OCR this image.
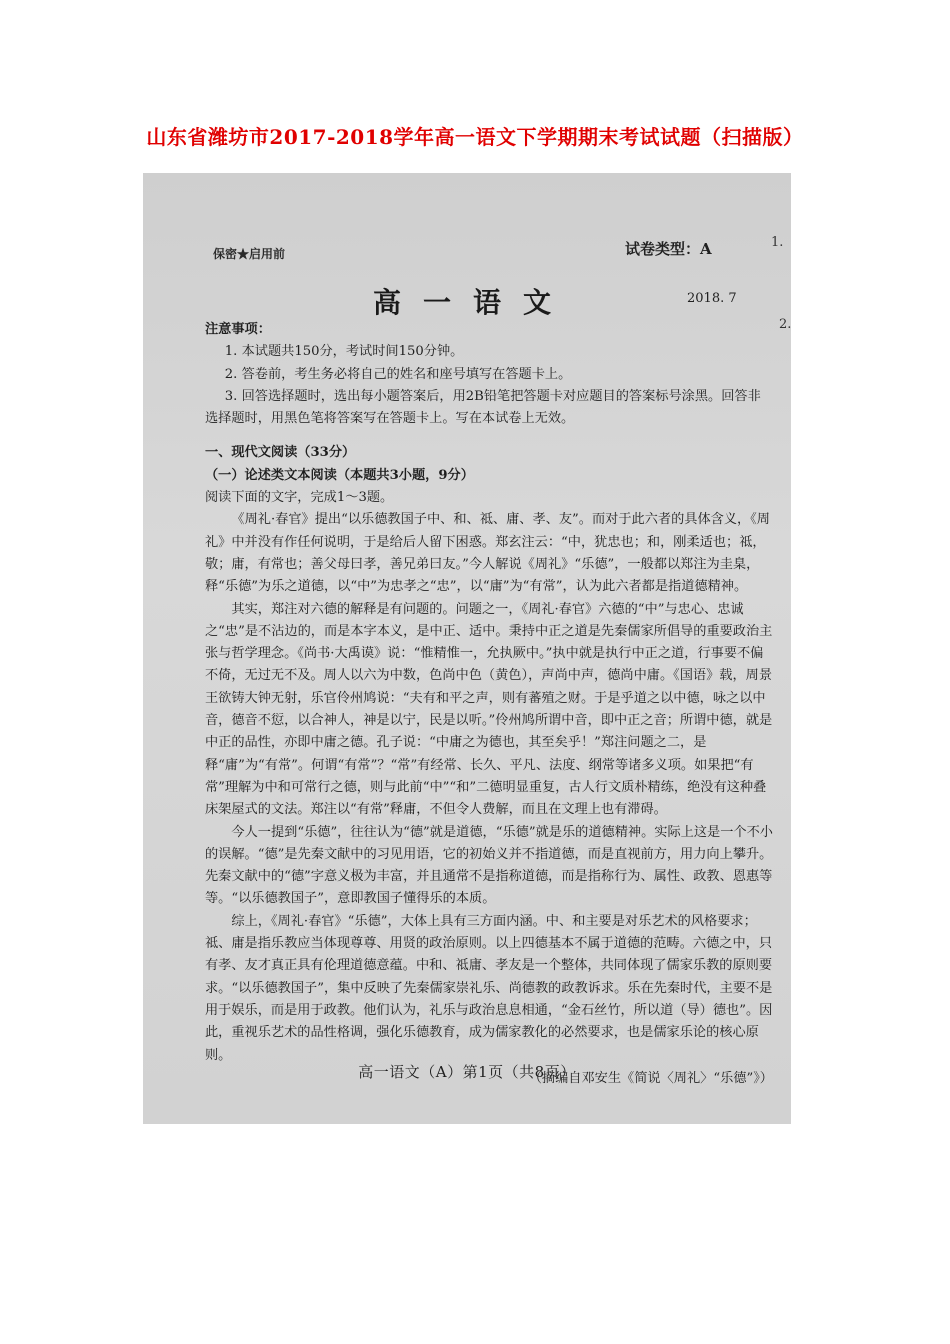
山东省潍坊市2017-2018学年高一语文下学期期末考试试题（扫描版）
保密★启用前	试卷类型：A	1.
2.
高一语文	2018. 7

注意事项：

1. 本试题共150分，考试时间150分钟。

2. 答卷前，考生务必将自己的姓名和座号填写在答题卡上。

3. 回答选择题时，选出每小题答案后，用2B铅笔把答题卡对应题目的答案标号涂黑。回答非选择题时，用黑色笔将答案写在答题卡上。写在本试卷上无效。

一、现代文阅读（33分）

（一）论述类文本阅读（本题共3小题，9分）

阅读下面的文字，完成1～3题。

《周礼·春官》提出“以乐德教国子中、和、祗、庸、孝、友”。而对于此六者的具体含义，《周礼》中并没有作任何说明，于是给后人留下困惑。郑玄注云：“中，犹忠也；和，刚柔适也；祗，敬；庸，有常也；善父母曰孝，善兄弟曰友。”今人解说《周礼》“乐德”，一般都以郑注为圭臬，释“乐德”为乐之道德，以“中”为忠孝之“忠”，以“庸”为“有常”，认为此六者都是指道德精神。

其实，郑注对六德的解释是有问题的。问题之一，《周礼·春官》六德的“中”与忠心、忠诚之“忠”是不沾边的，而是本字本义，是中正、适中。秉持中正之道是先秦儒家所倡导的重要政治主张与哲学理念。《尚书·大禹谟》说：“惟精惟一，允执厥中。”执中就是执行中正之道，行事要不偏不倚，无过无不及。周人以六为中数，色尚中色（黄色），声尚中声，德尚中庸。《国语》载，周景王欲铸大钟无射，乐官伶州鸠说：“夫有和平之声，则有蕃殖之财。于是乎道之以中德，咏之以中音，德音不愆，以合神人，神是以宁，民是以听。”伶州鸠所谓中音，即中正之音；所谓中德，就是中正的品性，亦即中庸之德。孔子说：“中庸之为德也，其至矣乎！”郑注问题之二，是释“庸”为“有常”。何谓“有常”？“常”有经常、长久、平凡、法度、纲常等诸多义项。如果把“有常”理解为中和可常行之德，则与此前“中”“和”二德明显重复，古人行文质朴精练，绝没有这种叠床架屋式的文法。郑注以“有常”释庸，不但令人费解，而且在文理上也有滞碍。

今人一提到“乐德”，往往认为“德”就是道德，“乐德”就是乐的道德精神。实际上这是一个不小的误解。“德”是先秦文献中的习见用语，它的初始义并不指道德，而是直视前方，用力向上攀升。先秦文献中的“德”字意义极为丰富，并且通常不是指称道德，而是指称行为、属性、政教、恩惠等等。“以乐德教国子”，意即教国子懂得乐的本质。

综上，《周礼·春官》“乐德”，大体上具有三方面内涵。中、和主要是对乐艺术的风格要求；祗、庸是指乐教应当体现尊尊、用贤的政治原则。以上四德基本不属于道德的范畴。六德之中，只有孝、友才真正具有伦理道德意蕴。中和、祗庸、孝友是一个整体，共同体现了儒家乐教的原则要求。“以乐德教国子”，集中反映了先秦儒家崇礼乐、尚德教的政教诉求。乐在先秦时代，主要不是用于娱乐，而是用于政教。他们认为，礼乐与政治息息相通，“金石丝竹，所以道（导）德也”。因此，重视乐艺术的品性格调，强化乐德教育，成为儒家教化的必然要求，也是儒家乐论的核心原则。

（摘编自邓安生《简说〈周礼〉“乐德”》）

高一语文（A）第1页（共8页）
